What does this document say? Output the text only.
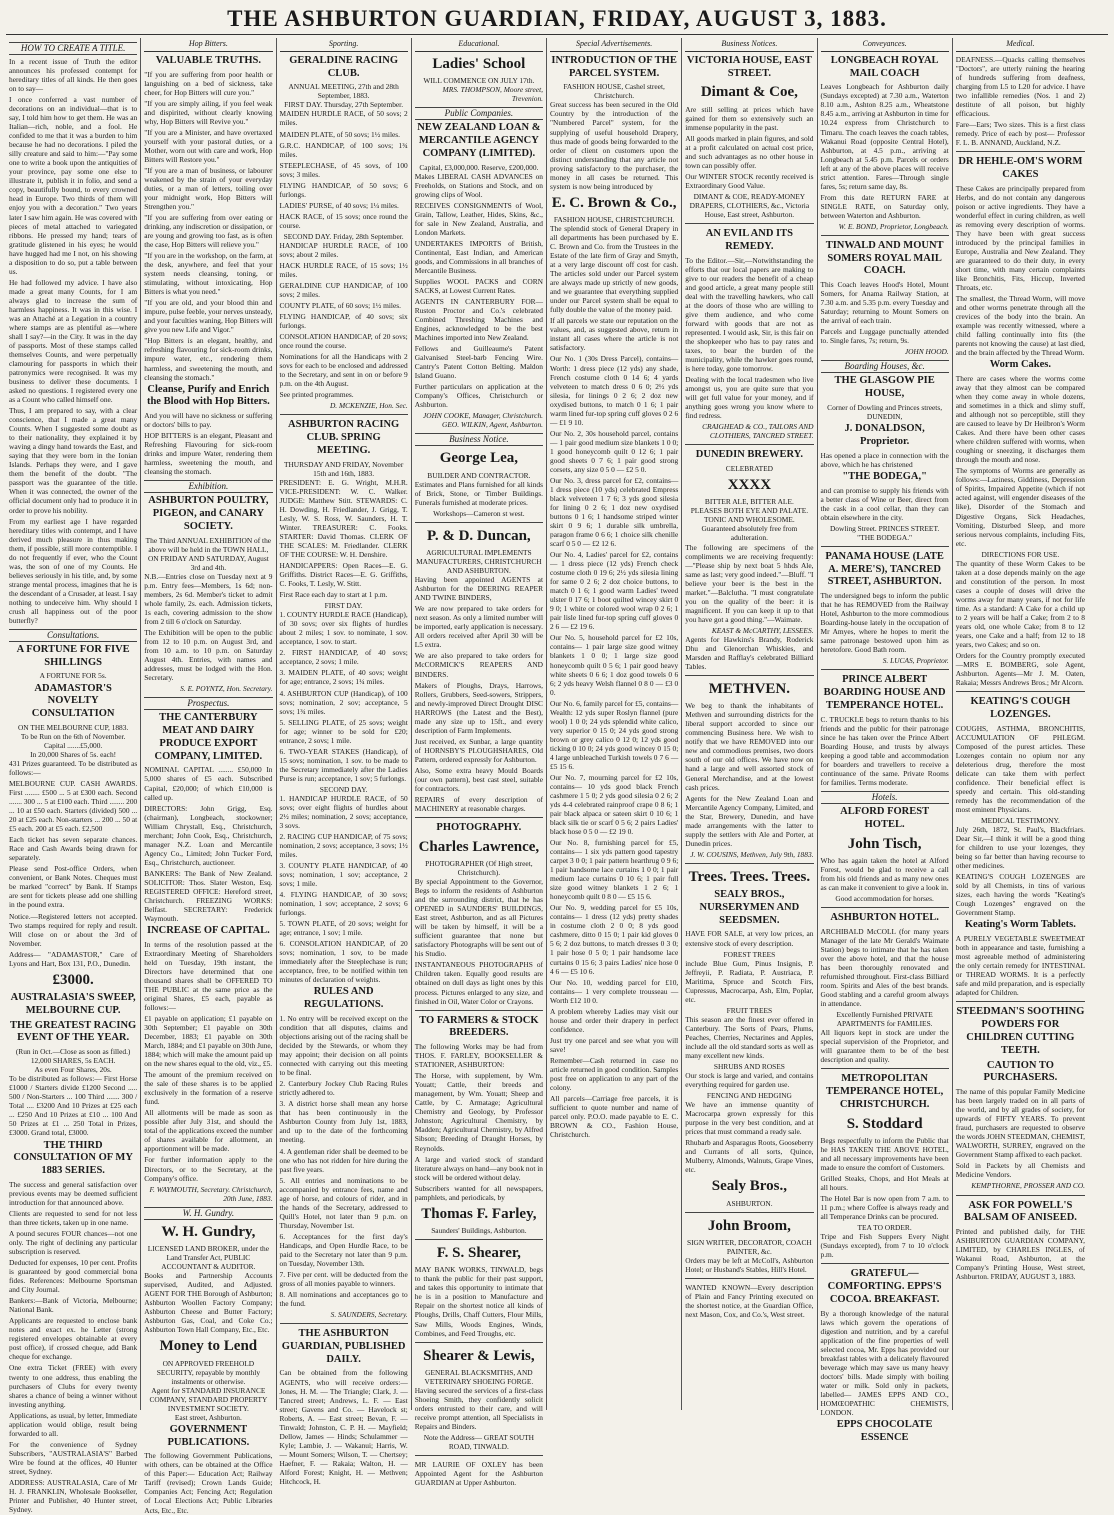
THE ASHBURTON GUARDIAN, FRIDAY, AUGUST 3, 1883.
HOW TO CREATE A TITLE.
In a recent issue of Truth the editor announces his professed contempt for hereditary titles of all kinds. He then goes on to say—
I once conferred a vast number of decorations on an individual—that is to say, I told him how to get them. He was an Italian—rich, noble, and a fool. He confided to me that it was a burden to him because he had no decorations. I piled the silly creature and said to him:—"Pay some one to write a book upon the antiquities of your province, pay some one else to illustrate it, publish it in folio, and send a copy, beautifully bound, to every crowned head in Europe. Two thirds of them will enjoy you with a decoration." Two years later I saw him again. He was covered with pieces of metal attached to variegated ribbons. He pressed my hand; tears of gratitude glistened in his eyes; he would have hugged had me I not, on his showing a disposition to do so, put a table between us.
He had followed my advice. I have also made a great many Counts, for I am always glad to increase the sum of harmless happiness. It was in this wise. I was an Attaché at a Legation in a country where stamps are as plentiful as—where shall I say?—in the City. It was in the day of passports. Most of these stamps called themselves Counts, and were perpetually clamouring for passports in which their patronymics were recognised. It was my business to deliver these documents. I asked no questions. I registered every one as a Count who called himself one.
Thus, I am prepared to say, with a clear conscience, that I made a great many Counts. When I suggested some doubt as to their nationality, they explained it by waving a dingy hand towards the East, and saying that they were born in the Ionian Islands. Perhaps they were, and I gave them the benefit of the doubt. "The passport was the guarantee of the title. When it was connected, the owner of the official document only had to produce it in order to prove his nobility.
From my earliest age I have regarded hereditary titles with contempt, and I have derived much pleasure in thus making them, if possible, still more contemptible. I do not frequently if ever, who the Count was, the son of one of my Counts. He believes seriously in his title, and, by some strange mental process, imagines that he is the descendant of a Crusader, at least. I say nothing to undeceive him. Why should I crush all happiness out of the poor butterfly?
Consultations.
A FORTUNE FOR FIVE SHILLINGS
A FORTUNE FOR 5s.
ADAMASTOR'S NOVELTY CONSULTATION
ON THE MELBOURNE CUP, 1883.
To be Run on the 6th of November.
Capital .......£5,000.
In 20,000 Shares of 5s. each!
431 Prizes guaranteed. To be distributed as follows:—
MELBOURNE CUP. CASH AWARDS. First ........ £500 ... 5 at £300 each. Second ....... 300 ... 5 at £100 each. Third ........ 200 ... 10 at £50 each. Starters (divided) 500 ... 20 at £25 each. Non-starters ... 200 ... 50 at £5 each. 200 at £5 each. £2,500
Each ticket has seven separate chances. Race and Cash Awards being drawn for separately.
Please send Post-office Orders, when convenient, or Bank Notes. Cheques must be marked "correct" by Bank. If Stamps are sent for tickets please add one shilling in the pound extra.
Notice.—Registered letters not accepted. Two stamps required for reply and result. Will close on or about the 3rd of November.
Address— "ADAMASTOR," Care of Lyons and Hart, Box 131, P.O., Dunedin.
£3000.
AUSTRALASIA'S SWEEP, MELBOURNE CUP.
THE GREATEST RACING EVENT OF THE YEAR.
(Run in Oct.—Close as soon as filled.)
12,000 SHARES, 5s EACH.
As even Four Shares, 20s.
To be distributed as follows:— First Horse £1000 / Starters divide £1200 Second ..... 500 / Non-Starters ... 100 Third ....... 300 / Total .... £3200 And 10 Prizes at £25 each ... £250 And 10 Prizes at £10 ... 100 And 50 Prizes at £1 ... 250 Total in Prizes, £3000. Grand total, £3000.
THE THIRD CONSULTATION OF MY 1883 SERIES.
The success and general satisfaction over previous events may be deemed sufficient introduction for that announced above.
Clients are requested to send for not less than three tickets, taken up in one name.
A pound secures FOUR chances—not one only. The right of declining any particular subscription is reserved.
Deducted for expenses, 10 per cent. Profits is guaranteed by good commercial bona fides. References: Melbourne Sportsman and City Journal.
Bankers:—Bank of Victoria, Melbourne; National Bank.
Applicants are requested to enclose bank notes and exact ex. he Letter (strong registered envelopes obtainable at every post office), if crossed cheque, add Bank cheque for exchange.
One extra Ticket (FREE) with every twenty to one address, thus enabling the purchasers of Clubs for every twenty shares a chance of being a winner without investing anything.
Applications, as usual, by letter, Immediate application would oblige, result being forwarded to all.
For the convenience of Sydney Subscribers, "AUSTRALASIA'S" Barbed Wire be found at the offices, 40 Hunter street, Sydney.
ADDRESS: AUSTRALASIA, Care of Mr H. J. FRANKLIN, Wholesale Bookseller, Printer and Publisher, 40 Hunter street, Sydney.
Hop Bitters.
VALUABLE TRUTHS.
"If you are suffering from poor health or languishing on a bed of sickness, take cheer, for Hop Bitters will cure you."
"If you are simply ailing, if you feel weak and dispirited, without clearly knowing why, Hop Bitters will Revive you."
"If you are a Minister, and have overtaxed yourself with your pastoral duties, or a Mother, worn out with care and work, Hop Bitters will Restore you."
"If you are a man of business, or labourer weakened by the strain of your everyday duties, or a man of letters, toiling over your midnight work, Hop Bitters will Strengthen you."
"If you are suffering from over eating or drinking, any indiscretion or dissipation, or are young and growing too fast, as is often the case, Hop Bitters will relieve you."
"If you are in the workshop, on the farm, at the desk, anywhere, and feel that your system needs cleansing, toning, or stimulating, without intoxicating, Hop Bitters is what you need."
"If you are old, and your blood thin and impure, pulse feeble, your nerves unsteady, and your faculties waning, Hop Bitters will give you new Life and Vigor."
"Hop Bitters is an elegant, healthy, and refreshing flavouring for sick-room drinks, impure water, etc., rendering them harmless, and sweetening the mouth, and cleansing the stomach."
Cleanse, Purify and Enrich the Blood with Hop Bitters.
And you will have no sickness or suffering or doctors' bills to pay.
HOP BITTERS is an elegant, Pleasant and Refreshing Flavouring for sick-room drinks and impure Water, rendering them harmless, sweetening the mouth, and cleansing the stomach.
Exhibition.
ASHBURTON POULTRY, PIGEON, and CANARY SOCIETY.
The Third ANNUAL EXHIBITION of the above will be held in the TOWN HALL, ON FRIDAY AND SATURDAY, August 3rd and 4th.
N.B.—Entries close on Tuesday next at 9 p.m. Entry fees—Members, 1s 6d; non-members, 2s 6d. Member's ticket to admit whole family, 2s. each. Admission tickets, 1s each, covering admission to the show from 2 till 6 o'clock on Saturday.
The Exhibition will be open to the public from 12 to 10 p.m. on August 3rd, and from 10 a.m. to 10 p.m. on Saturday August 4th. Entries, with names and addresses, must be lodged with the Hon. Secretary.
S. E. POYNTZ, Hon. Secretary.
Prospectus.
THE CANTERBURY MEAT AND DAIRY PRODUCE EXPORT COMPANY, LIMITED.
NOMINAL CAPITAL ........ £50,000 In 5,000 shares of £5 each. Subscribed Capital, £20,000; of which £10,000 is called up.
DIRECTORS: John Grigg, Esq. (chairman), Longbeach, stockowner; William Chrystall, Esq., Christchurch, merchant; John Cook, Esq., Christchurch, manager N.Z. Loan and Mercantile Agency Co., Limited; John Tucker Ford, Esq., Christchurch, auctioneer.
BANKERS: The Bank of New Zealand. SOLICITOR: Thos. Slater Weston, Esq. REGISTERED OFFICE: Hereford street, Christchurch. FREEZING WORKS: Belfast. SECRETARY: Frederick Waymouth.
INCREASE OF CAPITAL.
In terms of the resolution passed at the Extraordinary Meeting of Shareholders held on Tuesday, 19th instant, the Directors have determined that one thousand shares shall be OFFERED TO THE PUBLIC at the same price as the original Shares, £5 each, payable as follows:—
£1 payable on application; £1 payable on 30th September; £1 payable on 30th December, 1883; £1 payable on 30th March, 1884; and £1 payable on 30th June, 1884; which will make the amount paid up on the new shares equal to the old, viz., £5.
The amount of the premium received on the sale of these shares is to be applied exclusively in the formation of a reserve fund.
All allotments will be made as soon as possible after July 31st, and should the total of the applications exceed the number of shares available for allotment, an apportionment will be made.
For further information apply to the Directors, or to the Secretary, at the Company's office.
F. WAYMOUTH, Secretary. Christchurch, 20th June, 1883.
W. H. Gundry.
W. H. Gundry,
LICENSED LAND BROKER, under the Land Transfer Act, PUBLIC ACCOUNTANT & AUDITOR.
Books and Partnership Accounts supervised, Audited, and Adjusted. AGENT FOR THE Borough of Ashburton; Ashburton Woollen Factory Company; Ashburton Cheese and Butter Factory; Ashburton Gas, Coal, and Coke Co.; Ashburton Town Hall Company, Etc., Etc.
Money to Lend
ON APPROVED FREEHOLD SECURITY, repayable by monthly instalments or otherwise.
Agent for STANDARD INSURANCE COMPANY, STANDARD PROPERTY INVESTMENT SOCIETY.
East street, Ashburton.
GOVERNMENT PUBLICATIONS.
The following Government Publications, with others, can be obtained at the Office of this Paper:— Education Act; Railway Tariff (revised); Crown Lands Guide; Companies Act; Fencing Act; Regulation of Local Elections Act; Public Libraries Acts, Etc., Etc.
Sporting.
GERALDINE RACING CLUB.
ANNUAL MEETING, 27th and 28th September, 1883.
FIRST DAY. Thursday, 27th September.
MAIDEN HURDLE RACE, of 50 sovs; 2 miles.
MAIDEN PLATE, of 50 sovs; 1½ miles.
G.R.C. HANDICAP, of 100 sovs; 1¾ miles.
STEEPLECHASE, of 45 sovs, of 100 sovs; 3 miles.
FLYING HANDICAP, of 50 sovs; 6 furlongs.
LADIES' PURSE, of 40 sovs; 1¼ miles.
HACK RACE, of 15 sovs; once round the course.
SECOND DAY. Friday, 28th September.
HANDICAP HURDLE RACE, of 100 sovs; about 2 miles.
HACK HURDLE RACE, of 15 sovs; 1½ miles.
GERALDINE CUP HANDICAP, of 100 sovs; 2 miles.
COUNTY PLATE, of 60 sovs; 1½ miles.
FLYING HANDICAP, of 40 sovs; six furlongs.
CONSOLATION HANDICAP, of 20 sovs; once round the course.
Nominations for all the Handicaps with 2 sovs for each to be enclosed and addressed to the Secretary, and sent in on or before 9 p.m. on the 4th August.
See printed programmes.
D. MCKENZIE, Hon. Sec.
ASHBURTON RACING CLUB. SPRING MEETING.
THURSDAY AND FRIDAY, November 15th and 16th, 1883.
PRESIDENT: E. G. Wright, M.H.R. VICE-PRESIDENT: W. C. Walker. JUDGE: Matthew Stitt. STEWARDS: C. H. Dowding, H. Friedlander, J. Grigg, T. Lesly, W. S. Ross, W. Saunders, H. T. Winter. TREASURER: C. Fooks. STARTER: David Thomas. CLERK OF THE SCALES: M. Friedlander. CLERK OF THE COURSE: W. H. Denshire.
HANDICAPPERS: Open Races—E. G. Griffiths. District Races—E. G. Griffiths, C. Fooks, T. Lesly, W. Stitt.
First Race each day to start at 1 p.m.
FIRST DAY.
1. COUNTY HURDLE RACE (Handicap), of 30 sovs; over six flights of hurdles about 2 miles; 1 sov. to nominate, 1 sov. acceptance, 1 sov. to start.
2. FIRST HANDICAP, of 40 sovs; acceptance, 2 sovs; 1 mile.
3. MAIDEN PLATE, of 40 sovs; weight for age; entrance, 2 sovs; 1¼ miles.
4. ASHBURTON CUP (Handicap), of 100 sovs; nomination, 2 sov; acceptance, 5 sovs; 1¾ miles.
5. SELLING PLATE, of 25 sovs; weight for age; winner to be sold for £20; entrance, 2 sovs; 1 mile.
6. TWO-YEAR STAKES (Handicap), of 15 sovs; nomination, 1 sov. to be made to the Secretary immediately after the Ladies Purse is run; acceptance, 1 sov; 5 furlongs.
SECOND DAY.
1. HANDICAP HURDLE RACE, of 50 sovs; over eight flights of hurdles about 2½ miles; nomination, 2 sovs; acceptance, 3 sovs.
2. RACING CUP HANDICAP, of 75 sovs; nomination, 2 sovs; acceptance, 3 sovs; 1½ miles.
3. COUNTY PLATE HANDICAP, of 40 sovs; nomination, 1 sov; acceptance, 2 sovs; 1 mile.
4. FLYING HANDICAP, of 30 sovs; nomination, 1 sov; acceptance, 2 sovs; 6 furlongs.
5. TOWN PLATE, of 20 sovs; weight for age; entrance, 1 sov; 1 mile.
6. CONSOLATION HANDICAP, of 20 sovs; nomination, 1 sov, to be made immediately after the Steeplechase is run; acceptance, free, to be notified within ten minutes of declaration of weights.
RULES AND REGULATIONS.
1. No entry will be received except on the condition that all disputes, claims and objections arising out of the racing shall be decided by the Stewards, or whom they may appoint; their decision on all points connected with carrying out this meeting to be final.
2. Canterbury Jockey Club Racing Rules strictly adhered to.
3. A district horse shall mean any horse that has been continuously in the Ashburton County from July 1st, 1883, and up to the date of the forthcoming meeting.
4. A gentleman rider shall be deemed to be one who has not ridden for hire during the past five years.
5. All entries and nominations to be accompanied by entrance fees, name and age of horse, and colours of rider, and in the hands of the Secretary, addressed to Quill's Hotel, not later than 9 p.m. on Thursday, November 1st.
6. Acceptances for the first day's Handicaps, and Open Hurdle Race, to be paid to the Secretary not later than 9 p.m. on Tuesday, November 13th.
7. Five per cent. will be deducted from the gross of all monies payable to winners.
8. All nominations and acceptances go to the fund.
S. SAUNDERS, Secretary.
THE ASHBURTON GUARDIAN, PUBLISHED DAILY.
Can be obtained from the following AGENTS, who will receive orders:— Jones, H. M. — The Triangle; Clark, J. — Tancred street; Andrews, L. F. — East street; Gavens and Co. — Havelock st; Roberts, A. — East street; Bevan, F. — Tinwald; Johnston, C. P. H. — Mayfield; Dellow, James — Hinds; Schulammer — Kyle; Lambie, J. — Wakanui; Harris, W. — Mount Somers; Wilson, T. — Chertsey; Haefner, F. — Rakaia; Walton, H. — Alford Forest; Knight, H. — Methven; Hitchcock, H.
Educational.
Ladies' School
WILL COMMENCE ON JULY 17th.
MRS. THOMPSON, Moore street, Trevenion.
Public Companies.
NEW ZEALAND LOAN & MERCANTILE AGENCY COMPANY (LIMITED).
Capital, £3,000,000. Reserve, £200,000.
Makes LIBERAL CASH ADVANCES on Freeholds, on Stations and Stock, and on growing clips of Wool.
RECEIVES CONSIGNMENTS of Wool, Grain, Tallow, Leather, Hides, Skins, &c., for sale in New Zealand, Australia, and London Markets.
UNDERTAKES IMPORTS of British, Continental, East Indian, and American goods, and Commissions in all branches of Mercantile Business.
Supplies WOOL PACKS and CORN SACKS, at Lowest Current Rates.
AGENTS IN CANTERBURY FOR—Ruston Proctor and Co.'s celebrated Combined Threshing Machines and Engines, acknowledged to be the best Machines imported into New Zealand.
Fellows and Guilleaume's Patent Galvanised Steel-barb Fencing Wire. Cantry's Patent Cotton Belting. Maldon Island Guano.
Further particulars on application at the Company's Offices, Christchurch or Ashburton.
JOHN COOKE, Manager, Christchurch. GEO. WILKIN, Agent, Ashburton.
Business Notice.
George Lea,
BUILDER AND CONTRACTOR.
Estimates and Plans furnished for all kinds of Brick, Stone, or Timber Buildings. Funerals furnished at moderate prices.
Workshops—Cameron st west.
P. & D. Duncan,
AGRICULTURAL IMPLEMENTS MANUFACTURERS, CHRISTCHURCH AND ASHBURTON.
Having been appointed AGENTS at Ashburton for the DEERING REAPER AND TWINE BINDERS,
We are now prepared to take orders for next season. As only a limited number will be imported, early application is necessary. All orders received after April 30 will be L5 extra.
We are also prepared to take orders for McCORMICK'S REAPERS AND BINDERS.
Makers of Ploughs, Drays, Harrows, Rollers, Grubbers, Seed-sowers, Strippers, and newly-improved Direct Drought DISC HARROWS (the Latest and the Best), made any size up to 15ft., and every description of Farm Implements.
Just received, ex Sunbar, a large quantity of HORNSBY'S PLOUGHSHARES, Old Pattern, ordered expressly for Ashburton.
Also, Some extra heavy Mould Boards (our own pattern), best cast steel, suitable for contractors.
REPAIRS of every description of MACHINERY at reasonable charges.
PHOTOGRAPHY.
Charles Lawrence,
PHOTOGRAPHER (Of High street, Christchurch).
By special Appointment to the Governor, Begs to inform the residents of Ashburton and the surrounding district, that he has OPENED in SAUNDERS' BUILDINGS, East street, Ashburton, and as all Pictures will be taken by himself, it will be a sufficient guarantee that none but satisfactory Photographs will be sent out of his Studio.
INSTANTANEOUS PHOTOGRAPHS of Children taken. Equally good results are obtained on dull days as light ones by this process. Pictures enlarged to any size, and finished in Oil, Water Color or Crayons.
TO FARMERS & STOCK BREEDERS.
The following Works may be had from THOS. F. FARLEY, BOOKSELLER & STATIONER, ASHBURTON:
The Horse, with supplement, by Wm. Youatt; Cattle, their breeds and management, by Wm. Youatt; Sheep and Cattle, by C. Armatage; Agricultural Chemistry and Geology, by Professor Johnston; Agricultural Chemistry, by Madden; Agricultural Chemistry, by Alfred Sibson; Breeding of Draught Horses, by Reynolds.
A large and varied stock of standard literature always on hand—any book not in stock will be ordered without delay.
Subscribers wanted for all newspapers, pamphlets, and periodicals, by
Thomas F. Farley,
Saunders' Buildings, Ashburton.
F. S. Shearer,
MAY BANK WORKS, TINWALD, begs to thank the public for their past support, and takes this opportunity to intimate that he is in a position to Manufacture and Repair on the shortest notice all kinds of Ploughs, Drills, Chaff Cutters, Flour Mills, Saw Mills, Woods Engines, Winds, Combines, and Feed Troughs, etc.
Shearer & Lewis,
GENERAL BLACKSMITHS, AND VETERINARY SHOEING FORGE.
Having secured the services of a first-class Shoeing Smith, they confidently solicit orders entrusted to their care, and will receive prompt attention, all Specialists in Repairs and Binders.
Note the Address— GREAT SOUTH ROAD, TINWALD.
MR LAURIE OF OXLEY has been Appointed Agent for the Ashburton GUARDIAN at Upper Ashburton.
Special Advertisements.
INTRODUCTION OF THE PARCEL SYSTEM.
FASHION HOUSE, Cashel street, Christchurch.
Great success has been secured in the Old Country by the introduction of the "Numbered Parcel" system, for the supplying of useful household Drapery, thus made of goods being forwarded to the order of client on customers upon the distinct understanding that any article not proving satisfactory to the purchaser, the money in all cases be returned. This system is now being introduced by
E. C. Brown & Co.,
FASHION HOUSE, CHRISTCHURCH.
The splendid stock of General Drapery in all departments has been purchased by E. C. Brown and Co. from the Trustees in the Estate of the late firm of Gray and Smyth, at a very large discount off cost for cash. The articles sold under our Parcel system are always made up strictly of new goods, and we guarantee that everything supplied under our Parcel system shall be equal to fully double the value of the money paid.
If all parcels we state our reputation on the values, and, as suggested above, return in instant all cases where the article is not satisfactory.
Our No. 1 (30s Dress Parcel), contains— Worth: 1 dress piece (12 yds) any shade, French costume cloth 0 14 6; 4 yards velveteen to match dress 0 6 0; 2½ yds silesia, for linings 0 2 6; 2 doz new oxydised buttons, to match 0 1 6; 1 pair warm lined fur-top spring cuff gloves 0 2 6 — £1 9 10.
Our No. 2, 30s household parcel, contains— 1 pair good medium size blankets 1 0 0; 1 good honeycomb quilt 0 12 6; 1 pair good sheets 0 7 6; 1 pair good strong corsets, any size 0 5 0 — £2 5 0.
Our No. 3, dress parcel for £2, contains— 1 dress piece (10 yds) celebrated Empress black velveteen 1 7 6; 3 yds good silesia for lining 0 2 6; 1 doz new oxydised buttons 0 1 6; 1 handsome striped winter skirt 0 9 6; 1 durable silk umbrella, paragon frame 0 6 6; 1 choice silk chenille scarf 0 5 0 — £2 12 6.
Our No. 4, Ladies' parcel for £2, contains— 1 dress piece (12 yds) French check costume cloth 0 19 6; 2½ yds silesia lining for same 0 2 6; 2 doz choice buttons, to match 0 1 6; 1 good warm Ladies' tweed ulster 0 17 6; 1 boot quilted wincey skirt 0 9 0; 1 white or colored wool wrap 0 2 6; 1 pair lisle lined fur-top spring cuff gloves 0 2 6 — £2 19 6.
Our No. 5, household parcel for £2 10s, contains— 1 pair large size good witney blankets 1 0 0; 1 large size good honeycomb quilt 0 5 6; 1 pair good heavy white sheets 0 6 6; 1 doz good towels 0 6 6; 2 yds heavy Welsh flannel 0 8 0 — £3 0 0.
Our No. 6, family parcel for £5, contains— Wealth: 12 yds super Roslyn flannel (pure wool) 1 0 0; 24 yds splendid white calico, very superior 0 15 0; 24 yds good strong brown or grey calico 0 12 0; 12 yds good ticking 0 10 0; 24 yds good wincey 0 15 0; 4 large unbleached Turkish towels 0 7 6 — £5 15 6.
Our No. 7, mourning parcel for £2 10s, contains— 10 yds good black French cashmere 1 5 0; 2 yds good silesia 0 2 6; 2 yds 4-4 celebrated rainproof crape 0 8 6; 1 pair black alpaca or sateen skirt 0 10 6; 1 black silk tie or scarf 0 5 6; 2 pairs Ladies' black hose 0 5 0 — £2 19 0.
Our No. 8, furnishing parcel for £5, contains— 1 six yds pattern good tapestry carpet 3 0 0; 1 pair pattern hearthrug 0 9 6; 1 pair handsome lace curtains 1 0 0; 1 pair medium lace curtains 0 10 6; 1 pair full size good witney blankets 1 2 6; 1 honeycomb quilt 0 8 0 — £5 15 6.
Our No. 9, wedding parcel for £5 10s, contains— 1 dress (12 yds) pretty shades in costume cloth 2 0 0; 8 yds good cashmere, ditto 0 15 0; 1 pair kid gloves 0 5 6; 2 doz buttons, to match dresses 0 3 0; 1 pair hose 0 5 0; 1 pair handsome lace curtains 0 15 6; 3 pairs Ladies' nice hose 0 4 6 — £5 10 6.
Our No. 10, wedding parcel for £10, contains— 1 very complete trousseau — Worth £12 10 0.
A problem whereby Ladies may visit our house and order their drapery in perfect confidence.
Just try one parcel and see what you will save!
Remember—Cash returned in case no article returned in good condition. Samples post free on application to any part of the colony.
All parcels—Carriage free parcels, it is sufficient to quote number and name of parcel only. P.O.O. made payable to E. C. BROWN & CO., Fashion House, Christchurch.
Business Notices.
VICTORIA HOUSE, EAST STREET.
Dimant & Coe,
Are still selling at prices which have gained for them so extensively such an immense popularity in the past.
All goods marked in plain figures, and sold at a profit calculated on actual cost price, and such advantages as no other house in town can possibly offer.
Our WINTER STOCK recently received is Extraordinary Good Value.
DIMANT & COE, READY-MONEY DRAPERS, CLOTHIERS, &c., Victoria House, East street, Ashburton.
AN EVIL AND ITS REMEDY.
To the Editor.—Sir,—Notwithstanding the efforts that our local papers are making to give to our readers the benefit of a cheap and good article, a great many people still deal with the travelling hawkers, who call at the doors of those who are willing to give them audience, and who come forward with goods that are not as represented. I would ask, Sir, is this fair on the shopkeeper who has to pay rates and taxes, to bear the burden of the municipality, while the hawker goes round, is here today, gone tomorrow.
Dealing with the local tradesmen who live amongst us, you are quite sure that you will get full value for your money, and if anything goes wrong you know where to find redress.
CRAIGHEAD & CO., TAILORS AND CLOTHIERS, TANCRED STREET.
DUNEDIN BREWERY.
CELEBRATED
XXXX
BITTER ALE, BITTER ALE.
PLEASES BOTH EYE AND PALATE. TONIC AND WHOLESOME.
Guaranteed absolutely free from adulteration.
The following are specimens of the compliments we are receiving frequently:—"Please ship by next boat 5 hhds Ale, same as last; very good indeed."—Bluff. "I believe your beer is the best in the market."—Balclutha. "I must congratulate you on the quality of the beer: it is magnificent. If you can keep it up to that you have got a good thing."—Waimate.
KEAST & McCARTHY, LESSEES.
Agents for Hawkins's Brandy, Roderick Dhu and Glenorchan Whiskies, and Marsden and Rafflay's celebrated Billiard Tables.
METHVEN.
We beg to thank the inhabitants of Methven and surrounding districts for the liberal support accorded to since our commencing Business here. We wish to notify that we have REMOVED into our new and commodious premises, two doors south of our old offices. We have now on hand a large and well assorted stock of General Merchandise, and at the lowest cash prices.
Agents for the New Zealand Loan and Mercantile Agency Company, Limited, and the Star, Brewery, Dunedin, and have made arrangements with the latter to supply the settlers with Ale and Porter, at Dunedin prices.
J. W. COUSINS, Methven, July 9th, 1883.
Trees. Trees. Trees.
SEALY BROS., NURSERYMEN AND SEEDSMEN.
HAVE FOR SALE, at very low prices, an extensive stock of every description.
FOREST TREES
include Blue Gum, Pinus Insignis, P. Jeffreyii, P. Radiata, P. Austriaca, P. Maritima, Spruce and Scotch Firs, Cupressus, Macrocarpa, Ash, Elm, Poplar, etc.
FRUIT TREES
This season are the finest ever offered in Canterbury. The Sorts of Pears, Plums, Peaches, Cherries, Nectarines and Apples, include all the old standard sorts as well as many excellent new kinds.
SHRUBS AND ROSES
Our stock is large and varied, and contains everything required for garden use.
FENCING AND HEDGING
We have an immense quantity of Macrocarpa grown expressly for this purpose in the very best condition, and at prices that must command a ready sale.
Rhubarb and Asparagus Roots, Gooseberry and Currants of all sorts, Quince, Mulberry, Almonds, Walnuts, Grape Vines, etc.
Sealy Bros.,
ASHBURTON.
John Broom,
SIGN WRITER, DECORATOR, COACH PAINTER, &c.
Orders may be left at McColl's, Ashburton Hotel; or Husband's Stables, Hill's Hotel.
WANTED KNOWN—Every description of Plain and Fancy Printing executed on the shortest notice, at the Guardian Office, next Mason, Cox, and Co.'s, West street.
Conveyances.
LONGBEACH ROYAL MAIL COACH
Leaves Longbeach for Ashburton daily (Sundays excepted) at 7.30 a.m., Waterton 8.10 a.m., Ashton 8.25 a.m., Wheatstone 8.45 a.m., arriving at Ashburton in time for 10.24 express from Christchurch to Timaru. The coach leaves the coach tables, Wakanui Road (opposite Central Hotel), Ashburton, at 4.5 p.m., arriving at Longbeach at 5.45 p.m. Parcels or orders left at any of the above places will receive strict attention. Fares—Through single fares, 5s; return same day, 8s.
From this date RETURN FARE at SINGLE RATE, on Saturday only, between Waterton and Ashburton.
W. E. BOND, Proprietor, Longbeach.
TINWALD AND MOUNT SOMERS ROYAL MAIL COACH.
This Coach leaves Hood's Hotel, Mount Somers, for Anama Railway Station, at 7.30 a.m. and 5.35 p.m. every Tuesday and Saturday; returning to Mount Somers on the arrival of each train.
Parcels and Luggage punctually attended to. Single fares, 7s; return, 9s.
JOHN HOOD.
Boarding Houses, &c.
THE GLASGOW PIE HOUSE,
Corner of Dowling and Princes streets, DUNEDIN,
J. DONALDSON, Proprietor.
Has opened a place in connection with the above, which he has christened
"THE BODEGA,"
and can promise to supply his friends with a better class of Wine or Beer, direct from the cask in a cool cellar, than they can obtain elsewhere in the city.
Dowling Street. PRINCES STREET. "THE BODEGA."
PANAMA HOUSE (LATE A. MERE'S), TANCRED STREET, ASHBURTON.
The undersigned begs to inform the public that he has REMOVED from the Railway Hotel, Ashburton to the more commodious Boarding-house lately in the occupation of Mr Amyes, where he hopes to merit the same patronage bestowed upon him as heretofore. Good Bath room.
S. LUCAS, Proprietor.
PRINCE ALBERT BOARDING HOUSE AND TEMPERANCE HOTEL.
C. TRUCKLE begs to return thanks to his friends and the public for their patronage since he has taken over the Prince Albert Boarding House, and trusts by always keeping a good table and accommodation for boarders and travellers to receive a continuance of the same. Private Rooms for families. Terms moderate.
Hotels.
ALFORD FOREST HOTEL.
John Tisch,
Who has again taken the hotel at Alford Forest, would be glad to receive a call from his old friends and as many new ones as can make it convenient to give a look in.
Good accommodation for horses.
ASHBURTON HOTEL.
ARCHIBALD McCOLL (for many years Manager of the late Mr Gerald's Waimate Station) begs to intimate that he has taken over the above hotel, and that the house has been thoroughly renovated and refurnished throughout. First-class Billiard room. Spirits and Ales of the best brands. Good stabling and a careful groom always in attendance.
Excellently Furnished PRIVATE APARTMENTS for FAMILIES.
All liquors kept in stock are under the special supervision of the Proprietor, and will guarantee them to be of the best description and quality.
METROPOLITAN TEMPERANCE HOTEL, CHRISTCHURCH.
S. Stoddard
Begs respectfully to inform the Public that he HAS TAKEN THE ABOVE HOTEL, and all necessary improvements have been made to ensure the comfort of Customers.
Grilled Steaks, Chops, and Hot Meals at all hours.
The Hotel Bar is now open from 7 a.m. to 11 p.m.; where Coffee is always ready and all Temperance Drinks can be procured.
TEA TO ORDER.
Tripe and Fish Suppers Every Night (Sundays excepted), from 7 to 10 o'clock p.m.
GRATEFUL—COMFORTING. EPPS'S COCOA. BREAKFAST.
By a thorough knowledge of the natural laws which govern the operations of digestion and nutrition, and by a careful application of the fine properties of well selected cocoa, Mr. Epps has provided our breakfast tables with a delicately flavoured beverage which may save us many heavy doctors' bills. Made simply with boiling water or milk. Sold only in packets, labelled— JAMES EPPS AND CO., HOMŒOPATHIC CHEMISTS, LONDON.
EPPS CHOCOLATE ESSENCE
Medical.
DEAFNESS.—Quacks calling themselves "Doctors", are utterly ruining the hearing of hundreds suffering from deafness, charging from L5 to L20 for advice. I have two infallible remedies (Nos. 1 and 2) destitute of all poison, but highly efficacious.
Fare—Ears; Two sizes. This is a first class remedy. Price of each by post— Professor F. L. B. ANNAND, Auckland, N.Z.
DR HEHLE-OM'S WORM CAKES
These Cakes are principally prepared from Herbs, and do not contain any dangerous poison or active ingredients. They have a wonderful effect in curing children, as well as removing every description of worms. They have been with great success introduced by the principal families in Europe, Australia and New Zealand. They are guaranteed to do their duty, in every short time, with many certain complaints like Bronchitis, Fits, Hiccup, Inverted Throats, etc.
The smallest, the Thread Worm, will move and other worms penetrate through all the crevices of the body into the brain. An example was recently witnessed, where a child falling continually into fits (the parents not knowing the cause) at last died, and the brain affected by the Thread Worm.
Worm Cakes.
There are cases where the worms come away that they almost can be compared when they come away in whole dozens, and sometimes in a thick and slimy stuff, and although not so perceptible, still they are caused to leave by Dr Heilbron's Worm Cakes. And there have been other cases where children suffered with worms, when coughing or sneezing, it discharges them through the mouth and nose.
The symptoms of Worms are generally as follows:—Laziness, Giddiness, Depression of Spirits, Impaired Appetite (which if not acted against, will engender diseases of the like), Disorder of the Stomach and Digestive Organs, Sick Headaches, Vomiting, Disturbed Sleep, and more serious nervous complaints, including Fits, etc.
DIRECTIONS FOR USE.
The quantity of these Worm Cakes to be taken at a dose depends mainly on the age and constitution of the person. In most cases a couple of doses will drive the worms away for many years, if not for life time. As a standard: A Cake for a child up to 2 years will be half a Cake; from 2 to 8 years old, one whole Cake; from 8 to 12 years, one Cake and a half; from 12 to 18 years, two Cakes; and so on.
Orders for the Country promptly executed—MRS E. BOMBERG, sole Agent, Ashburton. Agents—Mr J. M. Oaten, Rakaia; Messrs Andrews Bros.; Mr Alcorn.
KEATING'S COUGH LOZENGES.
COUGHS, ASTHMA, BRONCHITIS, ACCUMULATION OF PHLEGM. Composed of the purest articles. These Lozenges contain no opium nor any deleterious drug, therefore the most delicate can take them with perfect confidence. Their beneficial effect is speedy and certain. This old-standing remedy has the recommendation of the most eminent Physicians.
MEDICAL TESTIMONY.
July 26th, 1872, St. Paul's, Blackfriars. Dear Sir,—I think it will be a good thing for children to use your lozenges, they being so far better than having recourse to other medicines.
KEATING'S COUGH LOZENGES are sold by all Chemists, in tins of various sizes, each having the words "Keating's Cough Lozenges" engraved on the Government Stamp.
Keating's Worm Tablets.
A PURELY VEGETABLE SWEETMEAT both in appearance and taste, furnishing a most agreeable method of administering the only certain remedy for INTESTINAL or THREAD WORMS. It is a perfectly safe and mild preparation, and is especially adapted for Children.
STEEDMAN'S SOOTHING POWDERS FOR CHILDREN CUTTING TEETH.
CAUTION TO PURCHASERS.
The name of this popular Family Medicine has been largely traded on in all parts of the world, and by all grades of society, for upwards of FIFTY YEARS. To prevent fraud, purchasers are requested to observe the words JOHN STEEDMAN, CHEMIST, WALWORTH, SURREY, engraved on the Government Stamp affixed to each packet.
Sold in Packets by all Chemists and Medicine Vendors.
KEMPTHORNE, PROSSER AND CO.
ASK FOR POWELL'S BALSAM OF ANISEED.
Printed and published daily, for THE ASHBURTON GUARDIAN COMPANY, LIMITED, by CHARLES INGLES, of Wakanui Road, Ashburton, at the Company's Printing House, West street, Ashburton. FRIDAY, AUGUST 3, 1883.
